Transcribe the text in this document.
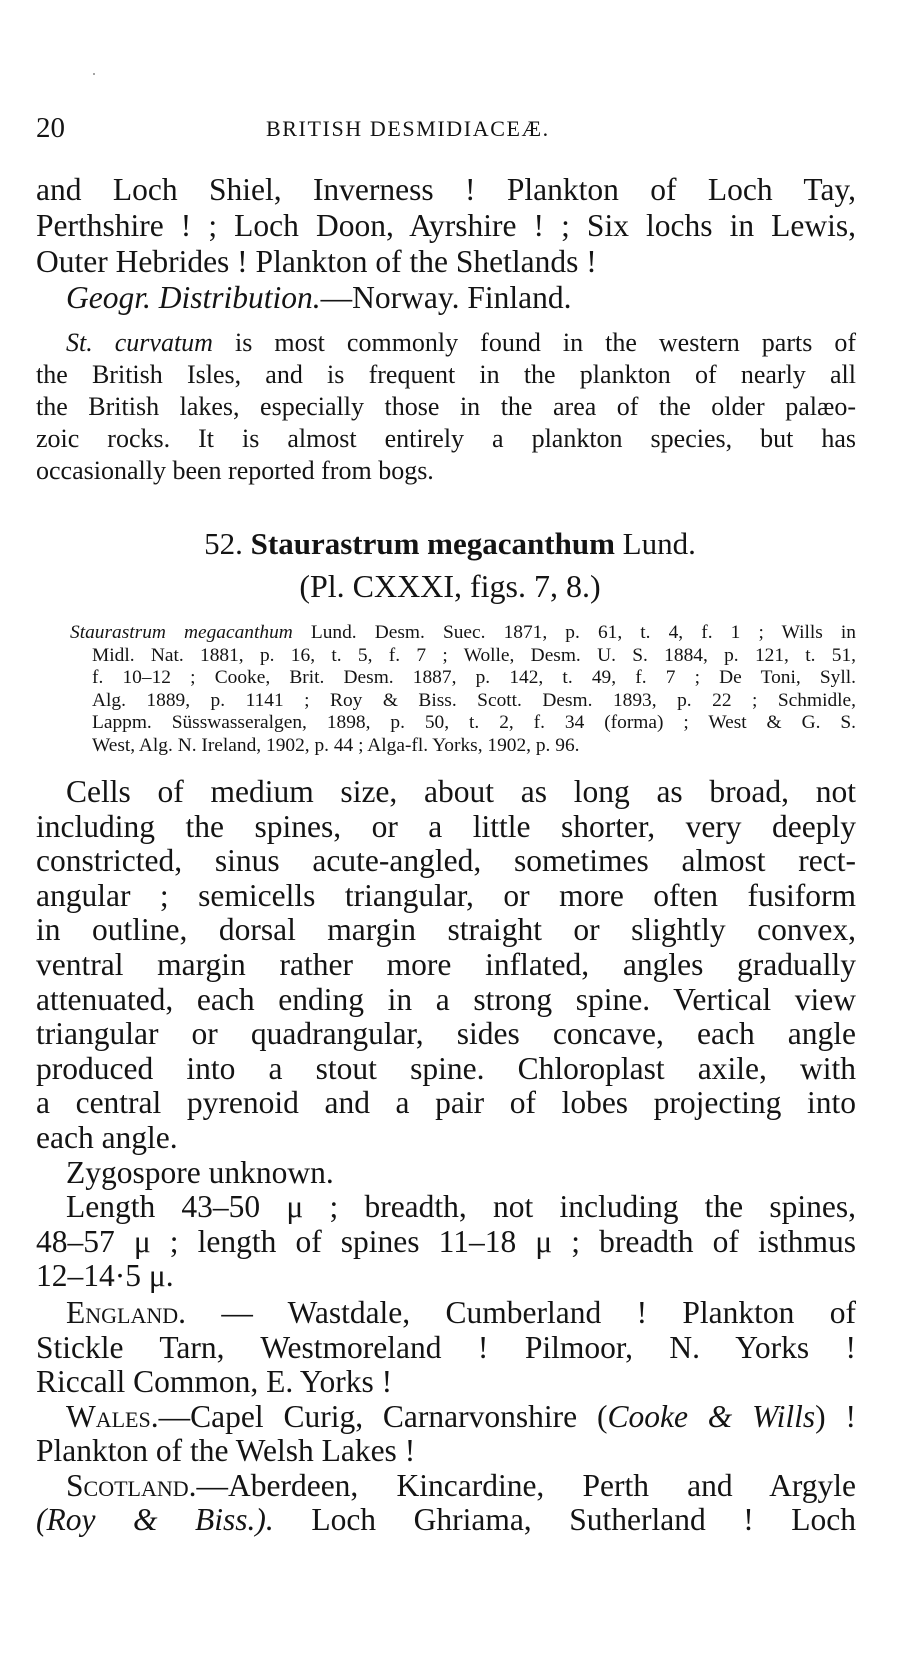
20	BRITISH DESMIDIACEÆ.
and Loch Shiel, Inverness ! Plankton of Loch Tay,
Perthshire ! ; Loch Doon, Ayrshire ! ; Six lochs in Lewis,
Outer Hebrides ! Plankton of the Shetlands !
Geogr. Distribution.—Norway. Finland.
St. curvatum is most commonly found in the western parts of
the British Isles, and is frequent in the plankton of nearly all
the British lakes, especially those in the area of the older palæo-
zoic rocks. It is almost entirely a plankton species, but has
occasionally been reported from bogs.
52. Staurastrum megacanthum Lund.
(Pl. CXXXI, figs. 7, 8.)
Staurastrum megacanthum Lund. Desm. Suec. 1871, p. 61, t. 4, f. 1 ; Wills in
Midl. Nat. 1881, p. 16, t. 5, f. 7 ; Wolle, Desm. U. S. 1884, p. 121, t. 51,
f. 10–12 ; Cooke, Brit. Desm. 1887, p. 142, t. 49, f. 7 ; De Toni, Syll.
Alg. 1889, p. 1141 ; Roy & Biss. Scott. Desm. 1893, p. 22 ; Schmidle,
Lappm. Süsswasseralgen, 1898, p. 50, t. 2, f. 34 (forma) ; West & G. S.
West, Alg. N. Ireland, 1902, p. 44 ; Alga-fl. Yorks, 1902, p. 96.
Cells of medium size, about as long as broad, not
including the spines, or a little shorter, very deeply
constricted, sinus acute-angled, sometimes almost rect-
angular ; semicells triangular, or more often fusiform
in outline, dorsal margin straight or slightly convex,
ventral margin rather more inflated, angles gradually
attenuated, each ending in a strong spine. Vertical view
triangular or quadrangular, sides concave, each angle
produced into a stout spine. Chloroplast axile, with
a central pyrenoid and a pair of lobes projecting into
each angle.
Zygospore unknown.
Length 43–50 μ ; breadth, not including the spines,
48–57 μ ; length of spines 11–18 μ ; breadth of isthmus
12–14·5 μ.
England. — Wastdale, Cumberland ! Plankton of
Stickle Tarn, Westmoreland ! Pilmoor, N. Yorks !
Riccall Common, E. Yorks !
Wales.—Capel Curig, Carnarvonshire (Cooke & Wills) !
Plankton of the Welsh Lakes !
Scotland.—Aberdeen, Kincardine, Perth and Argyle
(Roy & Biss.). Loch Ghriama, Sutherland ! Loch
